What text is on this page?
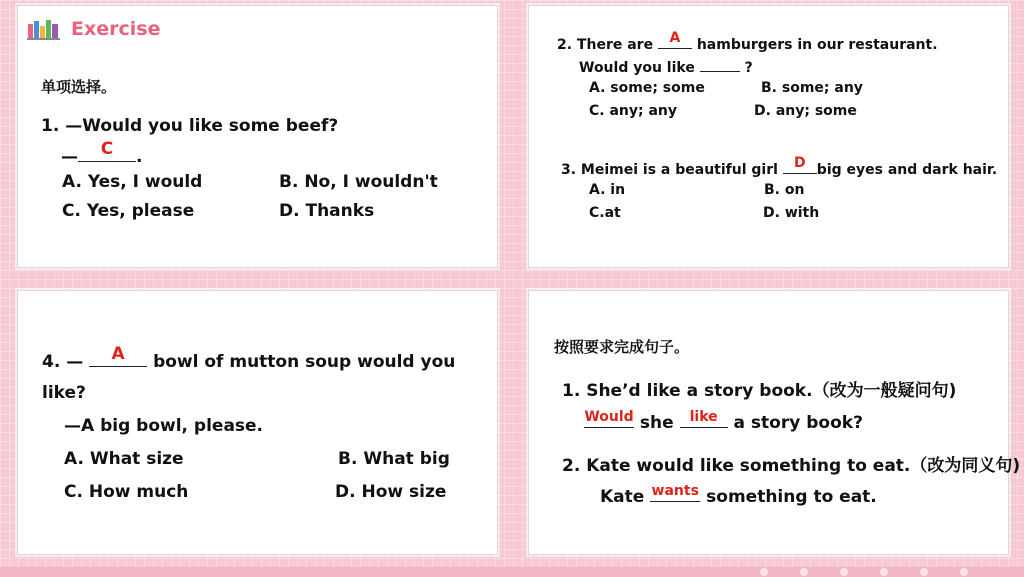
Exercise
单项选择。
1. —Would you like some beef?
—	C	.
A. Yes, I would	B. No, I wouldn't
C. Yes, please	D. Thanks
2. There are	A	hamburgers in our restaurant.
Would you like	?
A. some; some	B. some; any
C. any; any	D. any; some
3. Meimei is a beautiful girl	D big eyes and dark hair.
A. in	B. on
C.at	D. with
4. —	A	bowl of mutton soup would you
like?
—A big bowl, please.
A. What size	B. What big
C. How much	D. How size
按照要求完成句子。
1. She’d like a story book.（改为一般疑问句)
Would she	like a story book?
2. Kate would like something to eat.（改为同义句)
Kate wants something to eat.
